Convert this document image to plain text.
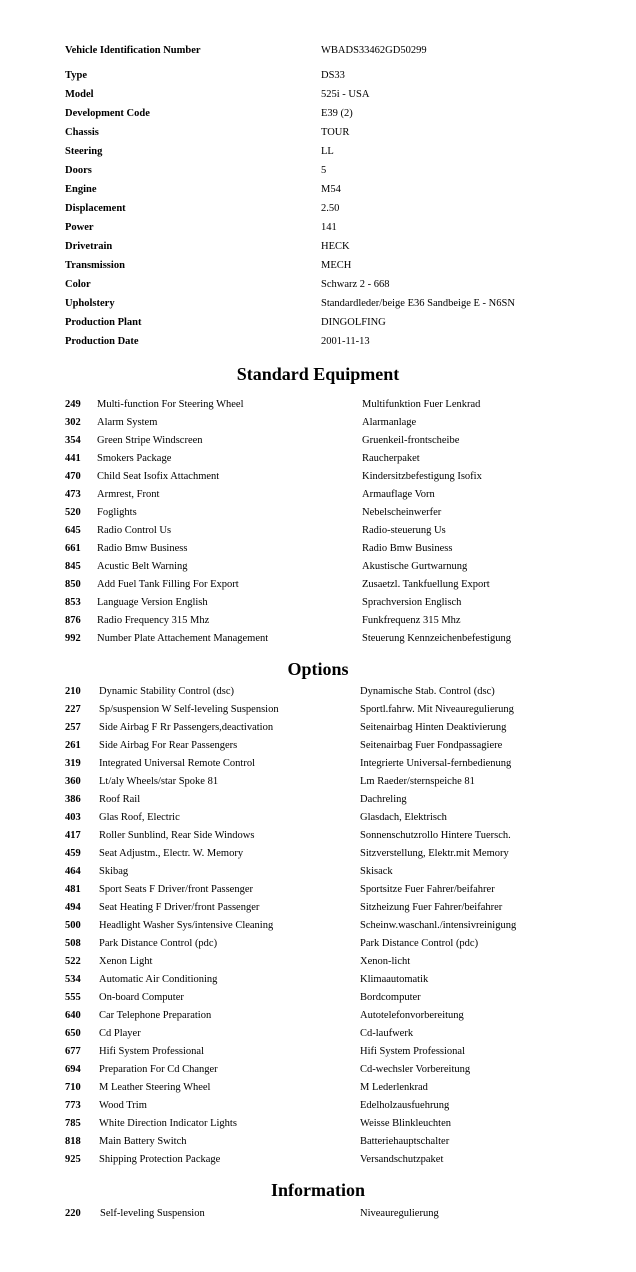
Vehicle Identification Number	WBADS33462GD50299
Type	DS33
Model	525i - USA
Development Code	E39 (2)
Chassis	TOUR
Steering	LL
Doors	5
Engine	M54
Displacement	2.50
Power	141
Drivetrain	HECK
Transmission	MECH
Color	Schwarz 2 - 668
Upholstery	Standardleder/beige E36 Sandbeige E - N6SN
Production Plant	DINGOLFING
Production Date	2001-11-13
Standard Equipment
249 Multi-function For Steering Wheel	Multifunktion Fuer Lenkrad
302 Alarm System	Alarmanlage
354 Green Stripe Windscreen	Gruenkeil-frontscheibe
441 Smokers Package	Raucherpaket
470 Child Seat Isofix Attachment	Kindersitzbefestigung Isofix
473 Armrest, Front	Armauflage Vorn
520 Foglights	Nebelscheinwerfer
645 Radio Control Us	Radio-steuerung Us
661 Radio Bmw Business	Radio Bmw Business
845 Acustic Belt Warning	Akustische Gurtwarnung
850 Add Fuel Tank Filling For Export	Zusaetzl. Tankfuellung Export
853 Language Version English	Sprachversion Englisch
876 Radio Frequency 315 Mhz	Funkfrequenz 315 Mhz
992 Number Plate Attachement Management	Steuerung Kennzeichenbefestigung
Options
210 Dynamic Stability Control (dsc)	Dynamische Stab. Control (dsc)
227 Sp/suspension W Self-leveling Suspension	Sportl.fahrw. Mit Niveauregulierung
257 Side Airbag F Rr Passengers,deactivation	Seitenairbag Hinten Deaktivierung
261 Side Airbag For Rear Passengers	Seitenairbag Fuer Fondpassagiere
319 Integrated Universal Remote Control	Integrierte Universal-fernbedienung
360 Lt/aly Wheels/star Spoke 81	Lm Raeder/sternspeiche 81
386 Roof Rail	Dachreling
403 Glas Roof, Electric	Glasdach, Elektrisch
417 Roller Sunblind, Rear Side Windows	Sonnenschutzrollo Hintere Tuersch.
459 Seat Adjustm., Electr. W. Memory	Sitzverstellung, Elektr.mit Memory
464 Skibag	Skisack
481 Sport Seats F Driver/front Passenger	Sportsitze Fuer Fahrer/beifahrer
494 Seat Heating F Driver/front Passenger	Sitzheizung Fuer Fahrer/beifahrer
500 Headlight Washer Sys/intensive Cleaning	Scheinw.waschanl./intensivreinigung
508 Park Distance Control (pdc)	Park Distance Control (pdc)
522 Xenon Light	Xenon-licht
534 Automatic Air Conditioning	Klimaautomatik
555 On-board Computer	Bordcomputer
640 Car Telephone Preparation	Autotelefonvorbereitung
650 Cd Player	Cd-laufwerk
677 Hifi System Professional	Hifi System Professional
694 Preparation For Cd Changer	Cd-wechsler Vorbereitung
710 M Leather Steering Wheel	M Lederlenkrad
773 Wood Trim	Edelholzausfuehrung
785 White Direction Indicator Lights	Weisse Blinkleuchten
818 Main Battery Switch	Batteriehauptschalter
925 Shipping Protection Package	Versandschutzpaket
Information
220 Self-leveling Suspension	Niveauregulierung
